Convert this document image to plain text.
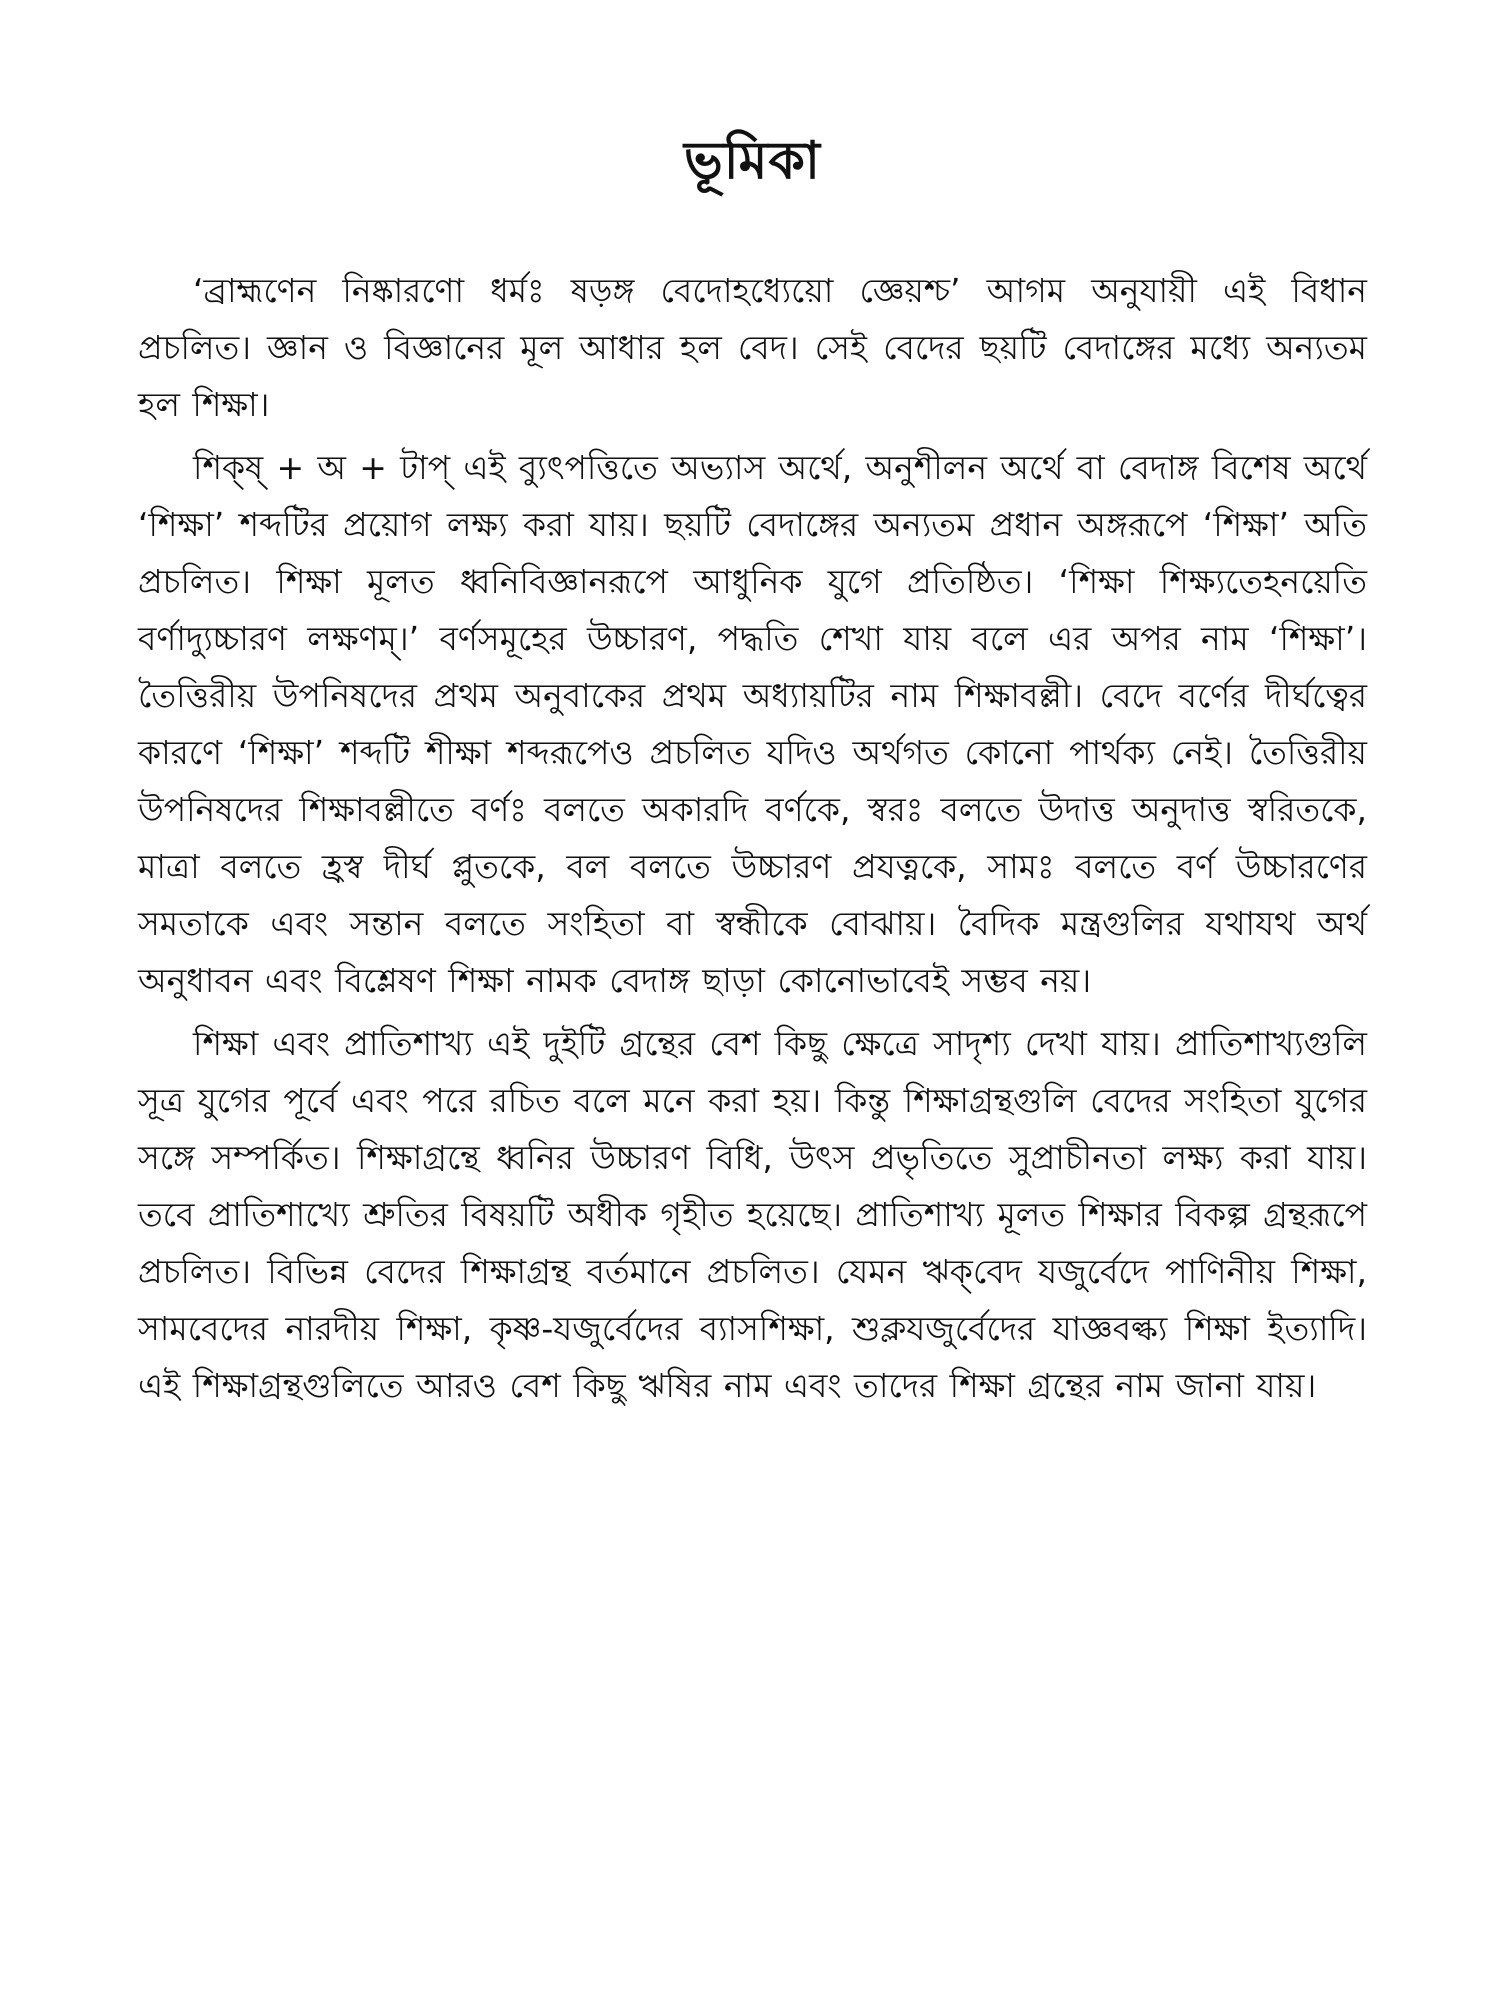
ভূমিকা

‘ব্রাহ্মণেন নিষ্কারণো ধর্মঃ ষড়ঙ্গ বেদোহধ্যেয়ো জ্ঞেয়শ্চ’ আগম অনুযায়ী এই বিধান প্রচলিত। জ্ঞান ও বিজ্ঞানের মূল আধার হল বেদ। সেই বেদের ছয়টি বেদাঙ্গের মধ্যে অন্যতম হল শিক্ষা।

শিক্ষ্ + অ + টাপ্ এই ব্যুৎপত্তিতে অভ্যাস অর্থে, অনুশীলন অর্থে বা বেদাঙ্গ বিশেষ অর্থে ‘শিক্ষা’ শব্দটির প্রয়োগ লক্ষ্য করা যায়। ছয়টি বেদাঙ্গের অন্যতম প্রধান অঙ্গরূপে ‘শিক্ষা’ অতি প্রচলিত। শিক্ষা মূলত ধ্বনিবিজ্ঞানরূপে আধুনিক যুগে প্রতিষ্ঠিত। ‘শিক্ষা শিক্ষ্যতেহনয়েতি বর্ণাদ্যুচ্চারণ লক্ষণম্।’ বর্ণসমূহের উচ্চারণ, পদ্ধতি শেখা যায় বলে এর অপর নাম ‘শিক্ষা’। তৈত্তিরীয় উপনিষদের প্রথম অনুবাকের প্রথম অধ্যায়টির নাম শিক্ষাবল্লী। বেদে বর্ণের দীর্ঘত্বের কারণে ‘শিক্ষা’ শব্দটি শীক্ষা শব্দরূপেও প্রচলিত যদিও অর্থগত কোনো পার্থক্য নেই। তৈত্তিরীয় উপনিষদের শিক্ষাবল্লীতে বর্ণঃ বলতে অকারদি বর্ণকে, স্বরঃ বলতে উদাত্ত অনুদাত্ত স্বরিতকে, মাত্রা বলতে হ্রস্ব দীর্ঘ প্লুতকে, বল বলতে উচ্চারণ প্রযত্নকে, সামঃ বলতে বর্ণ উচ্চারণের সমতাকে এবং সন্তান বলতে সংহিতা বা স্বন্ধীকে বোঝায়। বৈদিক মন্ত্রগুলির যথাযথ অর্থ অনুধাবন এবং বিশ্লেষণ শিক্ষা নামক বেদাঙ্গ ছাড়া কোনোভাবেই সম্ভব নয়।

শিক্ষা এবং প্রাতিশাখ্য এই দুইটি গ্রন্থের বেশ কিছু ক্ষেত্রে সাদৃশ্য দেখা যায়। প্রাতিশাখ্যগুলি সূত্র যুগের পূর্বে এবং পরে রচিত বলে মনে করা হয়। কিন্তু শিক্ষাগ্রন্থগুলি বেদের সংহিতা যুগের সঙ্গে সম্পর্কিত। শিক্ষাগ্রন্থে ধ্বনির উচ্চারণ বিধি, উৎস প্রভৃতিতে সুপ্রাচীনতা লক্ষ্য করা যায়। তবে প্রাতিশাখ্যে শ্রুতির বিষয়টি অধীক গৃহীত হয়েছে। প্রাতিশাখ্য মূলত শিক্ষার বিকল্প গ্রন্থরূপে প্রচলিত। বিভিন্ন বেদের শিক্ষাগ্রন্থ বর্তমানে প্রচলিত। যেমন ঋক্‌বেদ যজুর্বেদে পাণিনীয় শিক্ষা, সামবেদের নারদীয় শিক্ষা, কৃষ্ণ-যজুর্বেদের ব্যাসশিক্ষা, শুক্লযজুর্বেদের যাজ্ঞবল্ক্য শিক্ষা ইত্যাদি। এই শিক্ষাগ্রন্থগুলিতে আরও বেশ কিছু ঋষির নাম এবং তাদের শিক্ষা গ্রন্থের নাম জানা যায়।
